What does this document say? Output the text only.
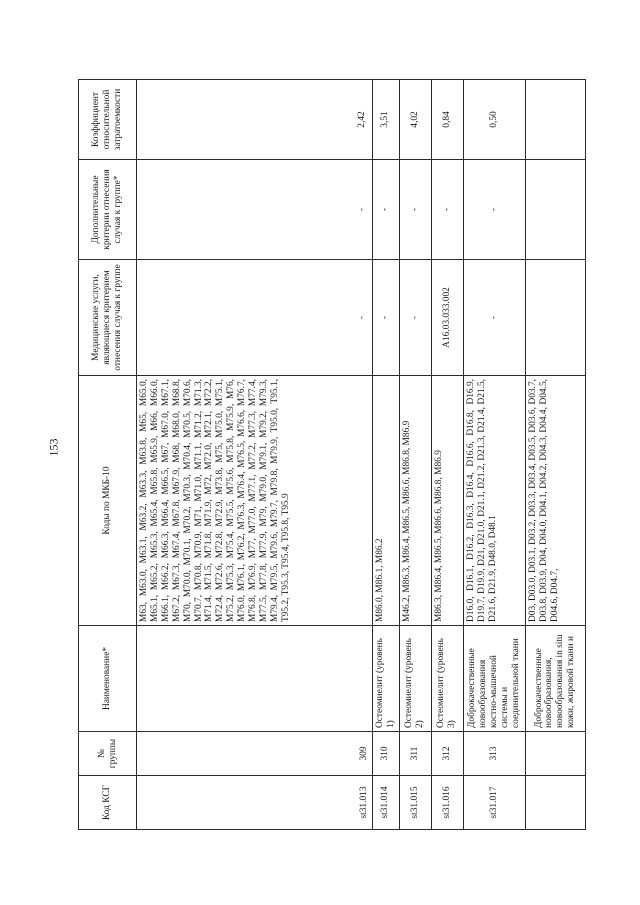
153
Код КСГ	№ группы	Наименование*	Коды по МКБ-10	Медицинские услуги, являющиеся критерием отнесения случая к группе	Дополнительные критерии отнесения случая к группе*	Коэффициент относительной затратоемкости
st31.013	309		M63, M63.0, M63.1, M63.2, M63.3, M63.8, M65, M65.0, M65.1, M65.2, M65.3, M65.4, M65.8, M65.9, M66, M66.0, M66.1, M66.2, M66.3, M66.4, M66.5, M67, M67.0, M67.1, M67.2, M67.3, M67.4, M67.8, M67.9, M68, M68.0, M68.8, M70, M70.0, M70.1, M70.2, M70.3, M70.4, M70.5, M70.6, M70.7, M70.8, M70.9, M71, M71.0, M71.1, M71.2, M71.3, M71.4, M71.5, M71.8, M71.9, M72, M72.0, M72.1, M72.2, M72.4, M72.6, M72.8, M72.9, M73.8, M75, M75.0, M75.1, M75.2, M75.3, M75.4, M75.5, M75.6, M75.8, M75.9, M76, M76.0, M76.1, M76.2, M76.3, M76.4, M76.5, M76.6, M76.7, M76.8, M76.9, M77, M77.0, M77.1, M77.2, M77.3, M77.4, M77.5, M77.8, M77.9, M79, M79.0, M79.1, M79.2, M79.3, M79.4, M79.5, M79.6, M79.7, M79.8, M79.9, T95.0, T95.1, T95.2, T95.3, T95.4, T95.8, T95.9	-	-	2,42
st31.014	310	Остеомиелит (уровень 1)	M86.0, M86.1, M86.2	-	-	3,51
st31.015	311	Остеомиелит (уровень 2)	M46.2, M86.3, M86.4, M86.5, M86.6, M86.8, M86.9	-	-	4,02
st31.016	312	Остеомиелит (уровень 3)	M86.3, M86.4, M86.5, M86.6, M86.8, M86.9	A16.03.033.002	-	0,84
st31.017	313	Доброкачественные новообразования костно-мышечной системы и соединительной ткани	D16.0, D16.1, D16.2, D16.3, D16.4, D16.6, D16.8, D16.9, D19.7, D19.9, D21, D21.0, D21.1, D21.2, D21.3, D21.4, D21.5, D21.6, D21.9, D48.0, D48.1	-	-	0,50
		Доброкачественные новообразования, новообразования in situ кожи, жировой ткани и	D03, D03.0, D03.1, D03.2, D03.3, D03.4, D03.5, D03.6, D03.7, D03.8, D03.9, D04, D04.0, D04.1, D04.2, D04.3, D04.4, D04.5, D04.6, D04.7,			
